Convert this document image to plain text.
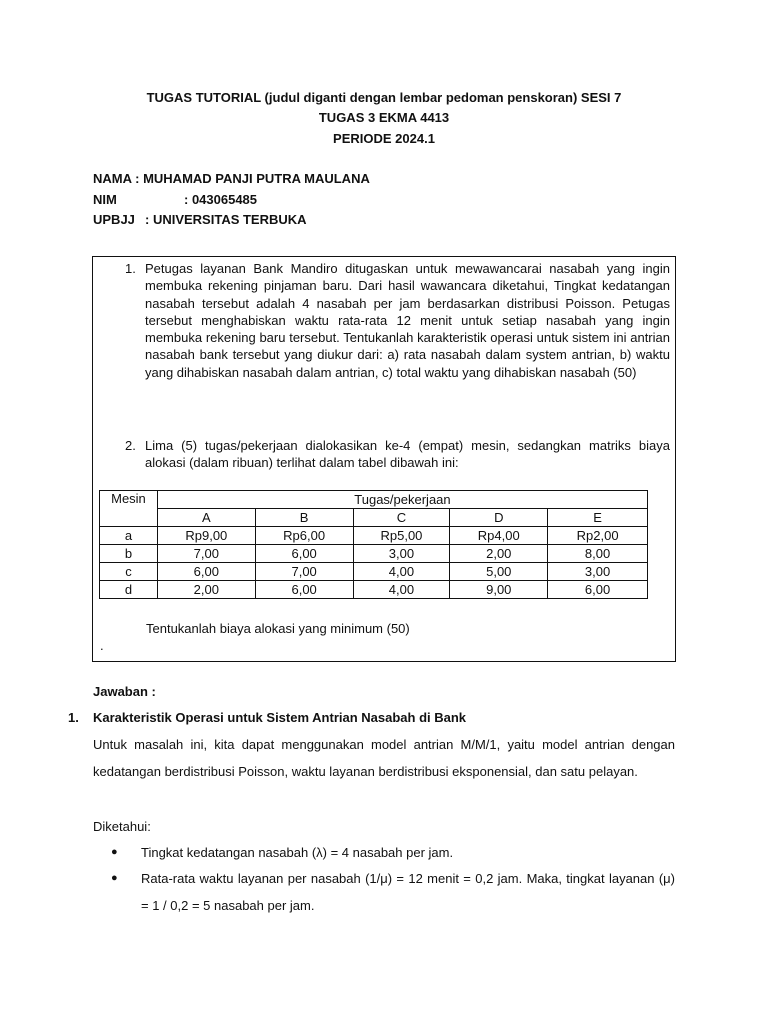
TUGAS TUTORIAL (judul diganti dengan lembar pedoman penskoran) SESI 7
TUGAS 3 EKMA 4413
PERIODE 2024.1
NAMA : MUHAMAD PANJI PUTRA MAULANA
NIM	: 043065485
UPBJJ : UNIVERSITAS TERBUKA
1. Petugas layanan Bank Mandiro ditugaskan untuk mewawancarai nasabah yang ingin membuka rekening pinjaman baru. Dari hasil wawancara diketahui, Tingkat kedatangan nasabah tersebut adalah 4 nasabah per jam berdasarkan distribusi Poisson. Petugas tersebut menghabiskan waktu rata-rata 12 menit untuk setiap nasabah yang ingin membuka rekening baru tersebut. Tentukanlah karakteristik operasi untuk sistem ini antrian nasabah bank tersebut yang diukur dari: a) rata nasabah dalam system antrian, b) waktu yang dihabiskan nasabah dalam antrian, c) total waktu yang dihabiskan nasabah (50)
2. Lima (5) tugas/pekerjaan dialokasikan ke-4 (empat) mesin, sedangkan matriks biaya alokasi (dalam ribuan) terlihat dalam tabel dibawah ini:
Mesin	Tugas/pekerjaan				
	A	B	C	D	E
a	Rp9,00	Rp6,00	Rp5,00	Rp4,00	Rp2,00
b	7,00	6,00	3,00	2,00	8,00
c	6,00	7,00	4,00	5,00	3,00
d	2,00	6,00	4,00	9,00	6,00
Tentukanlah biaya alokasi yang minimum (50)
.
Jawaban :
1. Karakteristik Operasi untuk Sistem Antrian Nasabah di Bank
Untuk masalah ini, kita dapat menggunakan model antrian M/M/1, yaitu model antrian dengan kedatangan berdistribusi Poisson, waktu layanan berdistribusi eksponensial, dan satu pelayan.
Diketahui:
● Tingkat kedatangan nasabah (λ) = 4 nasabah per jam.
● Rata-rata waktu layanan per nasabah (1/μ) = 12 menit = 0,2 jam. Maka, tingkat layanan (μ) = 1 / 0,2 = 5 nasabah per jam.
